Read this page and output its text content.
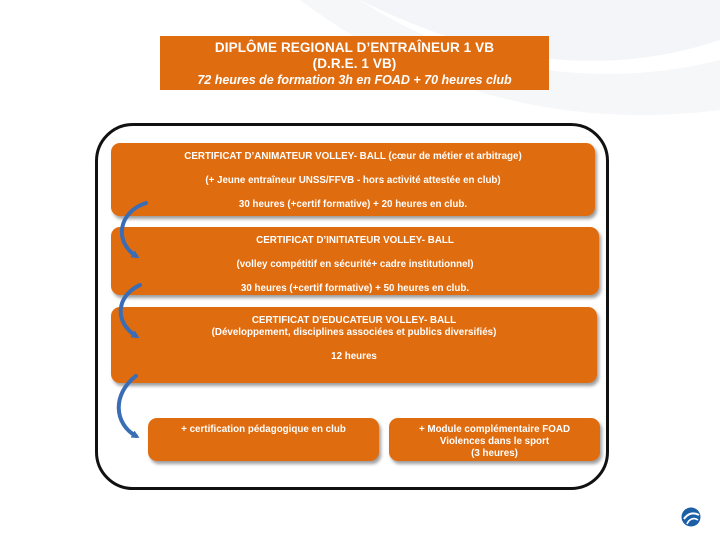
DIPLÔME REGIONAL D’ENTRAÎNEUR 1 VB
(D.R.E. 1 VB)
72 heures de formation 3h en FOAD + 70 heures club

CERTIFICAT D’ANIMATEUR VOLLEY- BALL (cœur de métier et arbitrage)

(+ Jeune entraîneur UNSS/FFVB - hors activité attestée en club)

30 heures (+certif formative) + 20 heures en club.

CERTIFICAT D’INITIATEUR VOLLEY- BALL

(volley compétitif en sécurité+ cadre institutionnel)

30 heures (+certif formative) + 50 heures en club.

CERTIFICAT D’EDUCATEUR VOLLEY- BALL

(Développement, disciplines associées et publics diversifiés)

12 heures

+ certification pédagogique en club	+ Module complémentaire FOAD

Violences dans le sport

(3 heures)
